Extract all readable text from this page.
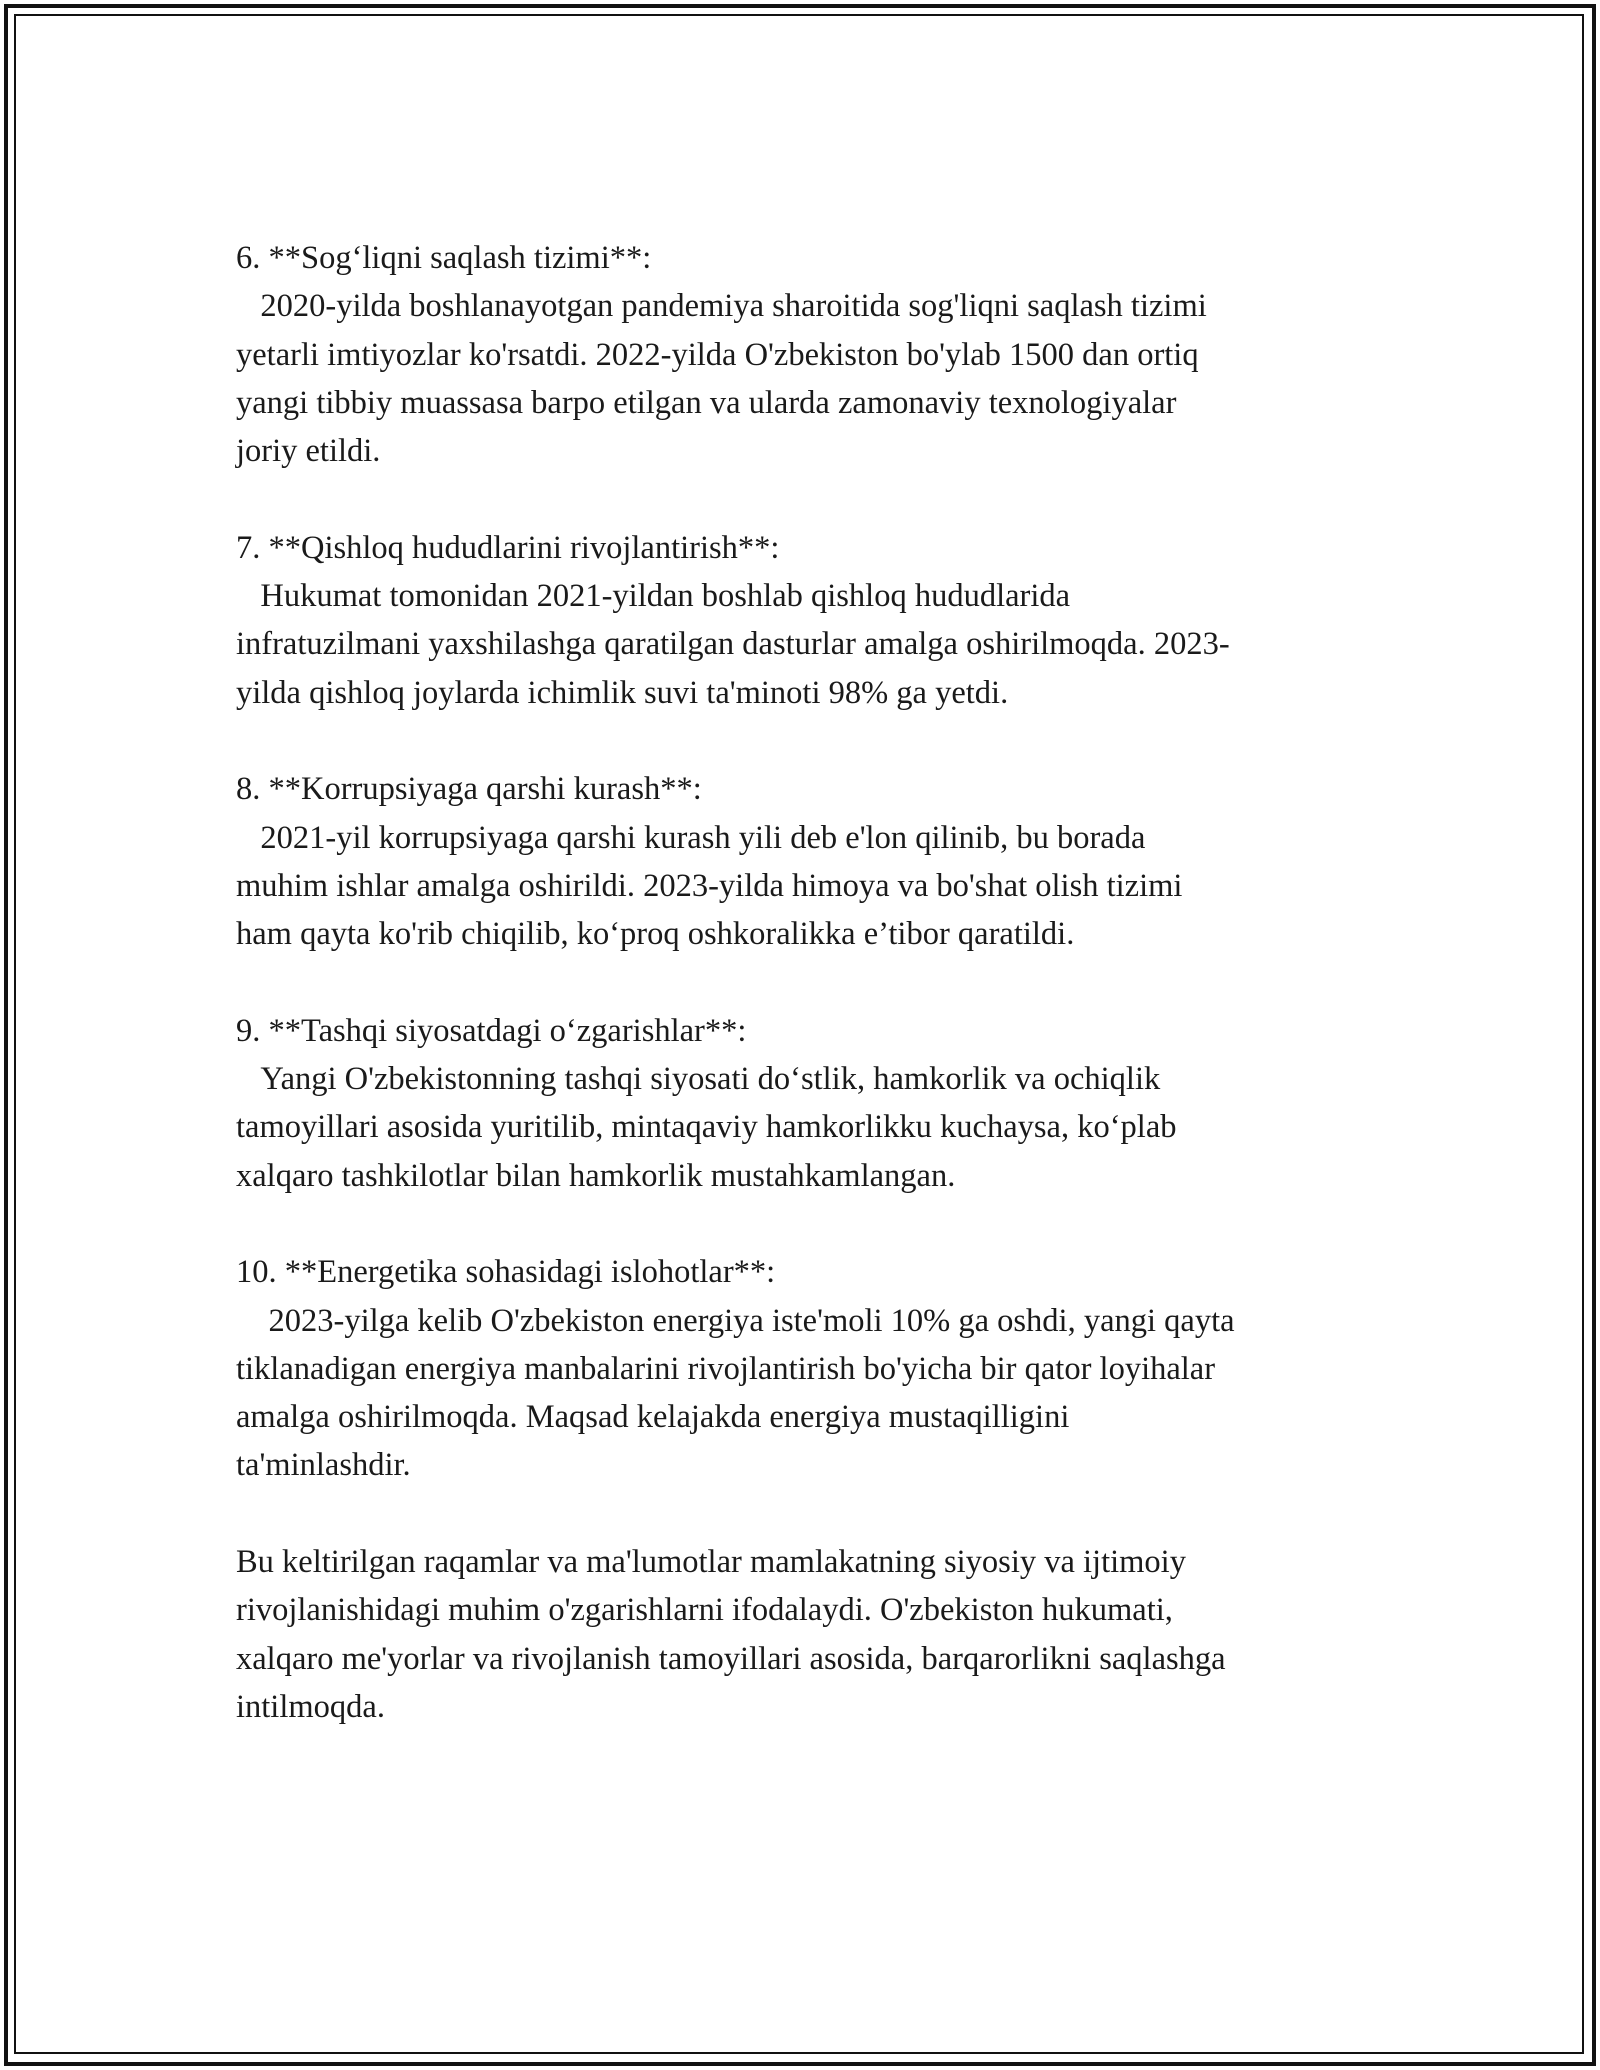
6. **Sog‘liqni saqlash tizimi**:
2020-yilda boshlanayotgan pandemiya sharoitida sog'liqni saqlash tizimi
yetarli imtiyozlar ko'rsatdi. 2022-yilda O'zbekiston bo'ylab 1500 dan ortiq
yangi tibbiy muassasa barpo etilgan va ularda zamonaviy texnologiyalar
joriy etildi.
7. **Qishloq hududlarini rivojlantirish**:
Hukumat tomonidan 2021-yildan boshlab qishloq hududlarida
infratuzilmani yaxshilashga qaratilgan dasturlar amalga oshirilmoqda. 2023-
yilda qishloq joylarda ichimlik suvi ta'minoti 98% ga yetdi.
8. **Korrupsiyaga qarshi kurash**:
2021-yil korrupsiyaga qarshi kurash yili deb e'lon qilinib, bu borada
muhim ishlar amalga oshirildi. 2023-yilda himoya va bo'shat olish tizimi
ham qayta ko'rib chiqilib, ko‘proq oshkoralikka e’tibor qaratildi.
9. **Tashqi siyosatdagi o‘zgarishlar**:
Yangi O'zbekistonning tashqi siyosati do‘stlik, hamkorlik va ochiqlik
tamoyillari asosida yuritilib, mintaqaviy hamkorlikku kuchaysa, ko‘plab
xalqaro tashkilotlar bilan hamkorlik mustahkamlangan.
10. **Energetika sohasidagi islohotlar**:
2023-yilga kelib O'zbekiston energiya iste'moli 10% ga oshdi, yangi qayta
tiklanadigan energiya manbalarini rivojlantirish bo'yicha bir qator loyihalar
amalga oshirilmoqda. Maqsad kelajakda energiya mustaqilligini
ta'minlashdir.
Bu keltirilgan raqamlar va ma'lumotlar mamlakatning siyosiy va ijtimoiy
rivojlanishidagi muhim o'zgarishlarni ifodalaydi. O'zbekiston hukumati,
xalqaro me'yorlar va rivojlanish tamoyillari asosida, barqarorlikni saqlashga
intilmoqda.
